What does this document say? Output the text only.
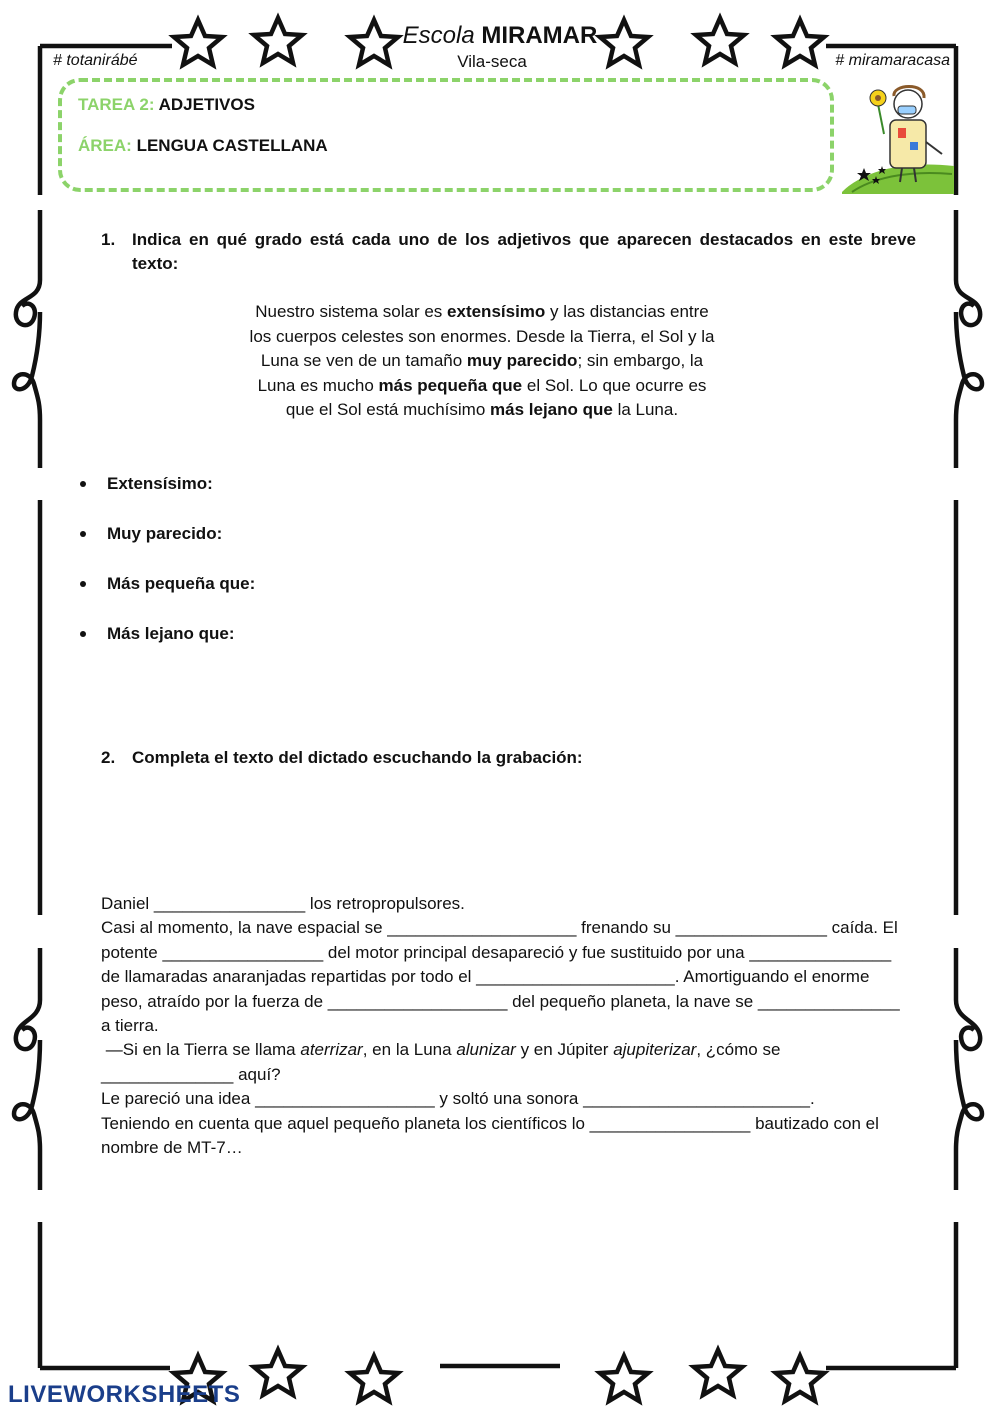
Escola MIRAMAR
Vila-seca
# totanirábé	# miramaracasa
TAREA 2: ADJETIVOS
ÁREA: LENGUA CASTELLANA
1. Indica en qué grado está cada uno de los adjetivos que aparecen destacados en este breve texto:
Nuestro sistema solar es extensísimo y las distancias entre los cuerpos celestes son enormes. Desde la Tierra, el Sol y la Luna se ven de un tamaño muy parecido; sin embargo, la Luna es mucho más pequeña que el Sol. Lo que ocurre es que el Sol está muchísimo más lejano que la Luna.
Extensísimo:
Muy parecido:
Más pequeña que:
Más lejano que:
2. Completa el texto del dictado escuchando la grabación:
Daniel ________________ los retropropulsores.
Casi al momento, la nave espacial se ____________________ frenando su ________________ caída. El potente _________________ del motor principal desapareció y fue sustituido por una _______________ de llamaradas anaranjadas repartidas por todo el _____________________. Amortiguando el enorme peso, atraído por la fuerza de ___________________ del pequeño planeta, la nave se _______________ a tierra.
—Si en la Tierra se llama aterrizar, en la Luna alunizar y en Júpiter ajupiterizar, ¿cómo se ______________ aquí?
Le pareció una idea ___________________ y soltó una sonora ________________________.
Teniendo en cuenta que aquel pequeño planeta los científicos lo _________________ bautizado con el nombre de MT-7…
LIVEWORKSHEETS
